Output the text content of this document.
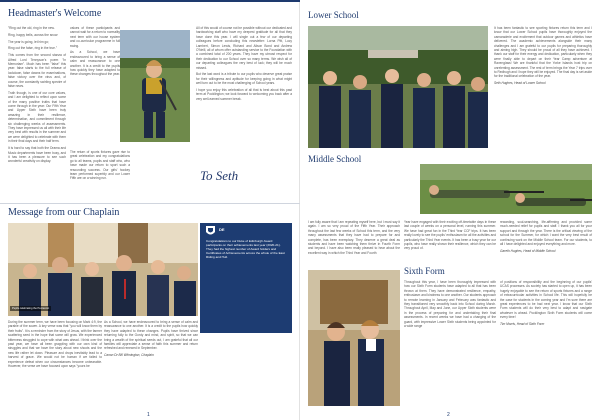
Headmaster's Welcome

"Ring out the old, ring in the new.

Ring, happy bells, across the snow:

The year is going, let him go;

Ring out the false, ring in the true."

This comes from the second stanza of Alfred Lord Tennyson's poem "In Memoriam". Much has been "false" this year: false starts to the full release of lockdown, false dawns for examinations, false victory over the virus and, of course, the constantly swirling spectre of false news.

Truth though, is one of our core values, and I am delighted to reflect upon some of the many positive truths that have come through in the year: Our Fifth Year and Upper Sixth have been truly amazing in their resilience, determination, and commitment through six challenging weeks of assessments. They have impressed us all with their life very best with results in the summer and we were delighted to celebrate with them in their final days and their half term.

It is hard to say that both the Drama and Music departments have been busy, and it has been a pleasure to see such wonderful creativity on display.

values of these participants and cannot wait for a return to normality next term with our house system and co-curricular programme in full swing.

As a School, we have endeavoured to bring a sense of calm and reassurance to one another. It is a credit to the pupils how quickly they have adapted to these changes throughout the year.

The return of sports fixtures gave rise to great celebration and my congratulations go to all teams, pupils and staff who, who have made our return to sport such a resounding success. Our girls' hockey team performed superbly and our Lower Fifth are on a winning run.

All of this would of course not be possible without our dedicated and hardworking staff who have my deepest gratitude for all that they have done this year. I will single out a few of our departing colleagues before concluding this newsletter: Lorna Pitt, Lucy Lambert, Simon Lewis, Richard and Alison Bond and Andrew O'Neill, all of whom offer outstanding service to the Foundation with a combined total of 200 years. They have my utmost respect for their dedication to our School over so many terms. We wish all of our departing colleagues the very best of luck; they will be much missed.

But the last word is a tribute to our pupils who deserve great praise for their willingness and aptitude for keeping going in what might well turn out to be the most challenging of School years.

I hope you enjoy this celebration of all that is best about this past term at Pocklington; we look forward to welcoming you back after a very well-earned summer break.

To Seth
Message from our Chaplain
Pupils celebrating the Pentecost
DE
Congratulations to our Duke of Edinburgh Award participants on their achievements last year (2020-21). They had the highest number of Award holders and Certificates of Achievements across the whole of the East Riding and Hull.
During the summer term, we have been focusing on Mark 4:9, the parable of the sower. A key verse was that "you will know them by their fruits". It is a reminder from the story of Jesus, with the farmer scattering seed in the hope that some will grow. We experienced bitterness struggled to cope with what was ahead. I think over the past year, we have all been grappling with our own kind of struggles and that we have the story about new shoots and the new life rather let down. Pleasure and drops inevitably lead to a harvest of grace. We would not be human if we failed to experience defeat when our circumstances become unbearable. However, the verse we have focused upon says "yours be

As a School, we have endeavoured to bring a sense of calm and reassurance to one another. It is a credit to the pupils how quickly they have adapted to these changes. Pupils have thrived since returning fully to the Gordy and mind, and spirit, so that we can bring a wealth of the spiritual seeds out, I am grateful that all our families will appreciate a sense of faith this summer and return refreshed and renewed in September.

Canon Dr Bill Wilmington, Chaplain

1
Lower School

It has been fantastic to see sporting fixtures return this term and I know that our Lower School pupils have thoroughly enjoyed the camaraderie and excitement that outdoor games and athletics have delivered. The academic achievements alongside their many challenges and I am grateful to our pupils for preparing thoroughly and aiming high. They should be proud of all they have achieved. I thank our staff for their energy and dedication, particularly when they were finally able to depart on their Year Camp adventure at Ravenglass! We are thankful that the Yorke Islands host trip on unrelenting assessment. The rest of term brings the Year 7 trips over to Redhugh and I hope they will be enjoyed. The final day is set aside for the traditional celebration of the year.

Seth Hughes, Head of Lower School

Middle School
I am fully aware that I am repeating myself here, but I must say it again. I am so very proud of the Fifth Year. Their approach throughout the last few weeks of School this term, and the very many assessments that they have had to prepare for and complete, has been exemplary. They deserve a great deal as students and have been watching them thrive in Fourth Form and beyond. I have also been really pleased to hear about the excellent way in which the Third Year and Fourth
Year have engaged with their exciting off-timetable days in these last couple of weeks on a personal level, running this summer. We have had great fun in the Third Year CCF trips. It has been really lovely to see the pupils' enthusiasm for all the activities and particularly the Third Year events. It has been a busy year for our pupils, who have really shown their resilience, which they can be very proud of.

rewarding, soul-searching, life-affirming and provided some much-needed relief for pupils and staff. I thank you all for your support and through the year. There is the critical viewing of the school for the Summer, for which I want the very best result of continuing work on the Middle School team. For our students, to all I have delighted and enjoyed everything and more.

Gareth Hughes, Head of Middle School

Sixth Form
Throughout this year, I have been thoroughly impressed with how our Sixth Form students have adapted to all that has been thrown at them. They have demonstrated resilience, empathy, enthusiasm and kindness to one another. Our students approach to remote learning in January and February was fantastic and they transitioned very smoothly back into School during March. Throughout April, May and June, our Upper Sixth students were in the process of preparing for and undertaking their final assessments. In recent weeks we have had a changing of the guard, with impressive Lower Sixth students being appointed for a wide range

of positions of responsibility and the beginning of our pupils' UCAS processes. As society has started to open up, it has been hugely enjoyable to see the return of sports fixtures and a range of extracurricular activities in School life. This will hopefully be the case for students in the coming year and I'm sure there are great experiences to be had next year. I know that our Sixth Form students will do their very best to adapt and navigate whatever is ahead. Pocklington Sixth Form students will come every time!

Tim Morris, Head of Sixth Form

2
